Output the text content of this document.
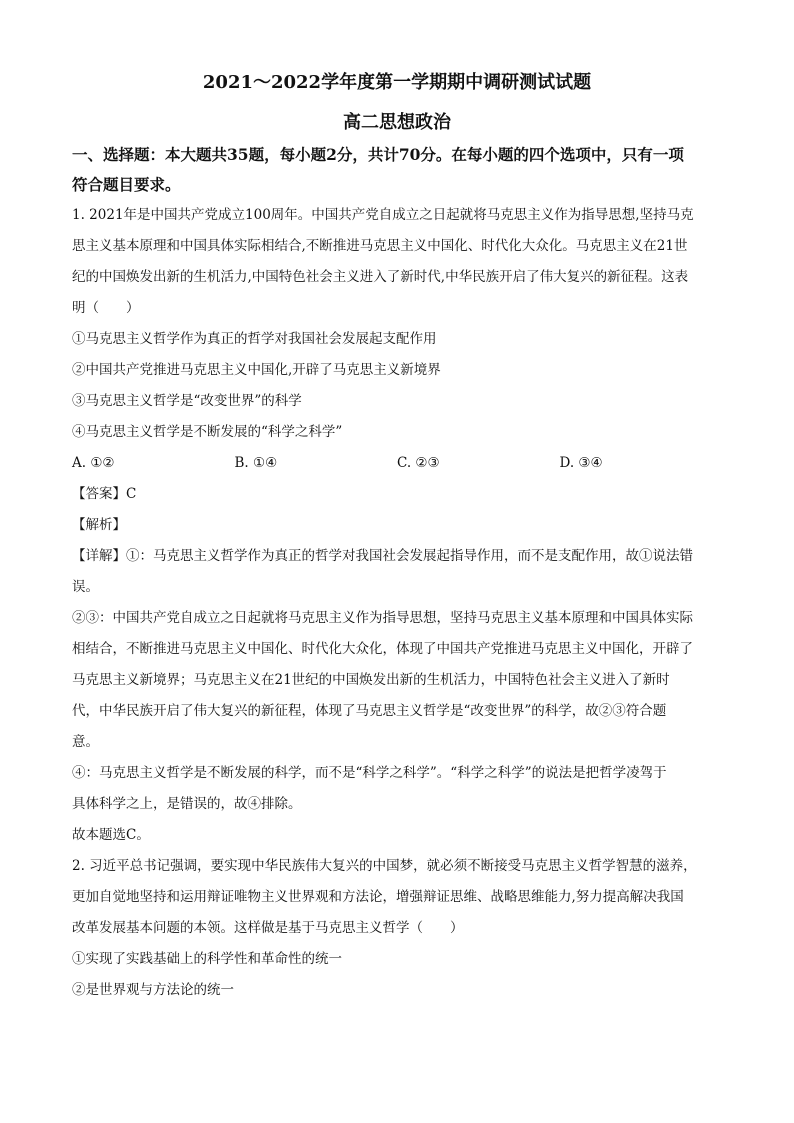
2021～2022学年度第一学期期中调研测试试题

高二思想政治

一、选择题：本大题共35题，每小题2分，共计70分。在每小题的四个选项中，只有一项

符合题目要求。

1. 2021年是中国共产党成立100周年。中国共产党自成立之日起就将马克思主义作为指导思想,坚持马克

思主义基本原理和中国具体实际相结合,不断推进马克思主义中国化、时代化大众化。马克思主义在21世

纪的中国焕发出新的生机活力,中国特色社会主义进入了新时代,中华民族开启了伟大复兴的新征程。这表

明（　　）

①马克思主义哲学作为真正的哲学对我国社会发展起支配作用

②中国共产党推进马克思主义中国化,开辟了马克思主义新境界

③马克思主义哲学是“改变世界”的科学

④马克思主义哲学是不断发展的“科学之科学”

A. ①②	B. ①④	C. ②③	D. ③④

【答案】C

【解析】

【详解】①：马克思主义哲学作为真正的哲学对我国社会发展起指导作用，而不是支配作用，故①说法错

误。

②③：中国共产党自成立之日起就将马克思主义作为指导思想，坚持马克思主义基本原理和中国具体实际

相结合，不断推进马克思主义中国化、时代化大众化，体现了中国共产党推进马克思主义中国化，开辟了

马克思主义新境界；马克思主义在21世纪的中国焕发出新的生机活力，中国特色社会主义进入了新时

代，中华民族开启了伟大复兴的新征程，体现了马克思主义哲学是“改变世界”的科学，故②③符合题

意。

④：马克思主义哲学是不断发展的科学，而不是“科学之科学”。“科学之科学”的说法是把哲学凌驾于

具体科学之上，是错误的，故④排除。

故本题选C。

2. 习近平总书记强调，要实现中华民族伟大复兴的中国梦，就必须不断接受马克思主义哲学智慧的滋养，

更加自觉地坚持和运用辩证唯物主义世界观和方法论，增强辩证思维、战略思维能力,努力提高解决我国

改革发展基本问题的本领。这样做是基于马克思主义哲学（　　）

①实现了实践基础上的科学性和革命性的统一

②是世界观与方法论的统一
